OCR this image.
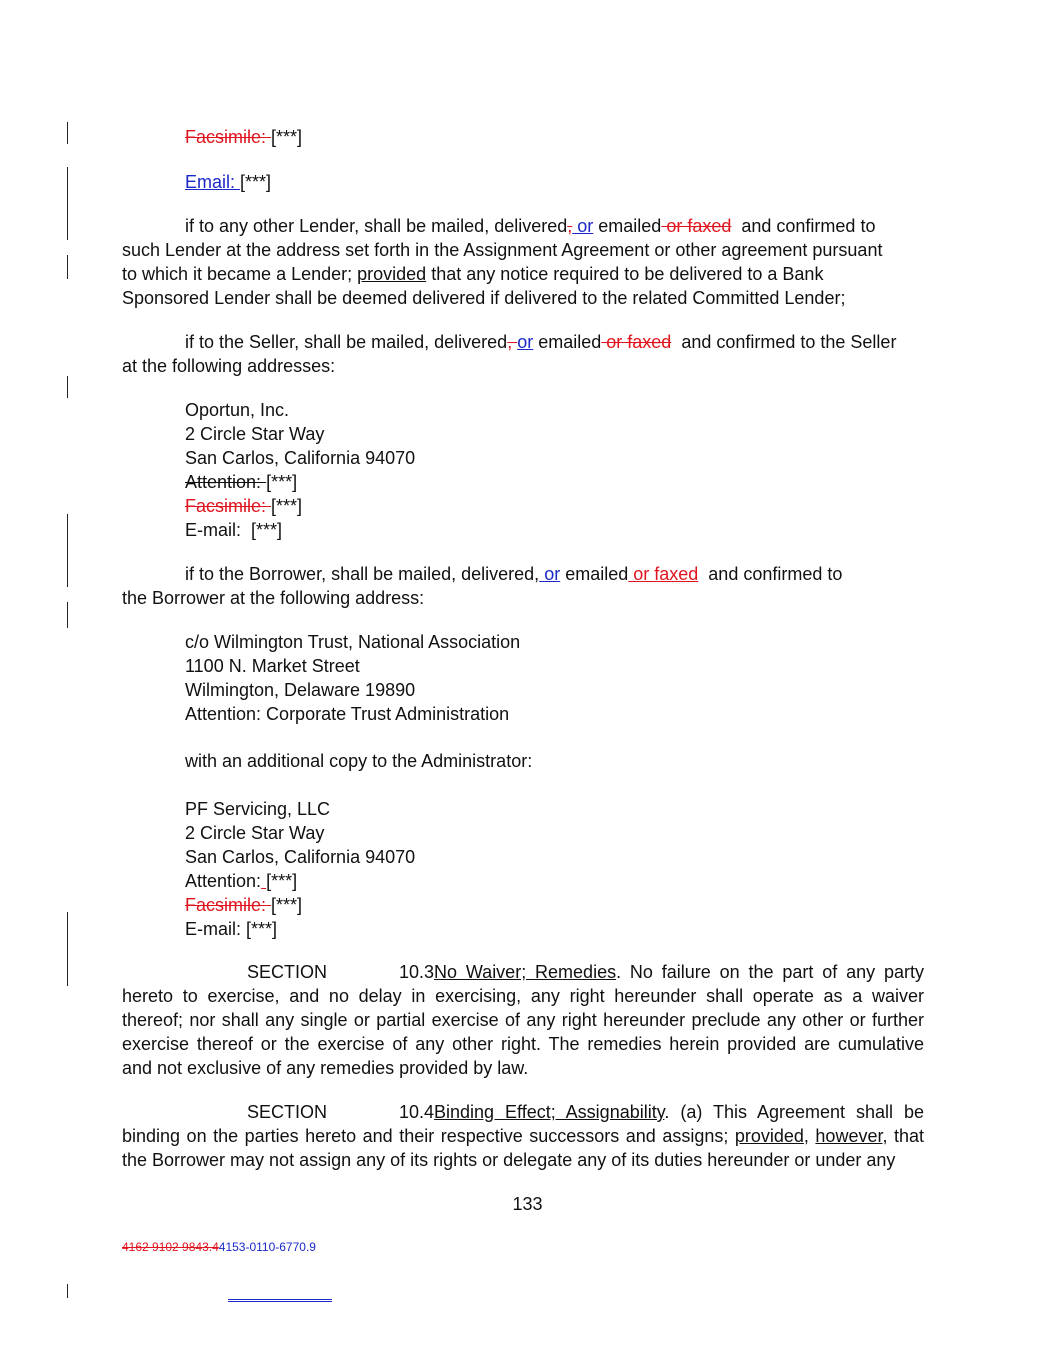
Facsimile: [***]
Email: [***]
if to any other Lender, shall be mailed, delivered, or emailed or faxed  and confirmed to
such Lender at the address set forth in the Assignment Agreement or other agreement pursuant
to which it became a Lender; provided that any notice required to be delivered to a Bank
Sponsored Lender shall be deemed delivered if delivered to the related Committed Lender;
if to the Seller, shall be mailed, delivered, or emailed or faxed  and confirmed to the Seller
at the following addresses:
Oportun, Inc.
2 Circle Star Way
San Carlos, California 94070
Attention: [***]
Facsimile: [***]
E-mail:  [***]
if to the Borrower, shall be mailed, delivered, or emailed or faxed  and confirmed to
the Borrower at the following address:
c/o Wilmington Trust, National Association
1100 N. Market Street
Wilmington, Delaware 19890
Attention: Corporate Trust Administration
with an additional copy to the Administrator:
PF Servicing, LLC
2 Circle Star Way
San Carlos, California 94070
Attention: [***]
Facsimile: [***]
E-mail: [***]
SECTION 10.3No Waiver; Remedies. No failure on the part of any party
hereto to exercise, and no delay in exercising, any right hereunder shall operate as a waiver
thereof; nor shall any single or partial exercise of any right hereunder preclude any other or further
exercise thereof or the exercise of any other right. The remedies herein provided are cumulative
and not exclusive of any remedies provided by law.
SECTION 10.4Binding Effect; Assignability. (a) This Agreement shall be
binding on the parties hereto and their respective successors and assigns; provided, however, that
the Borrower may not assign any of its rights or delegate any of its duties hereunder or under any
133
4162 9102 9843.44153-0110-6770.9
